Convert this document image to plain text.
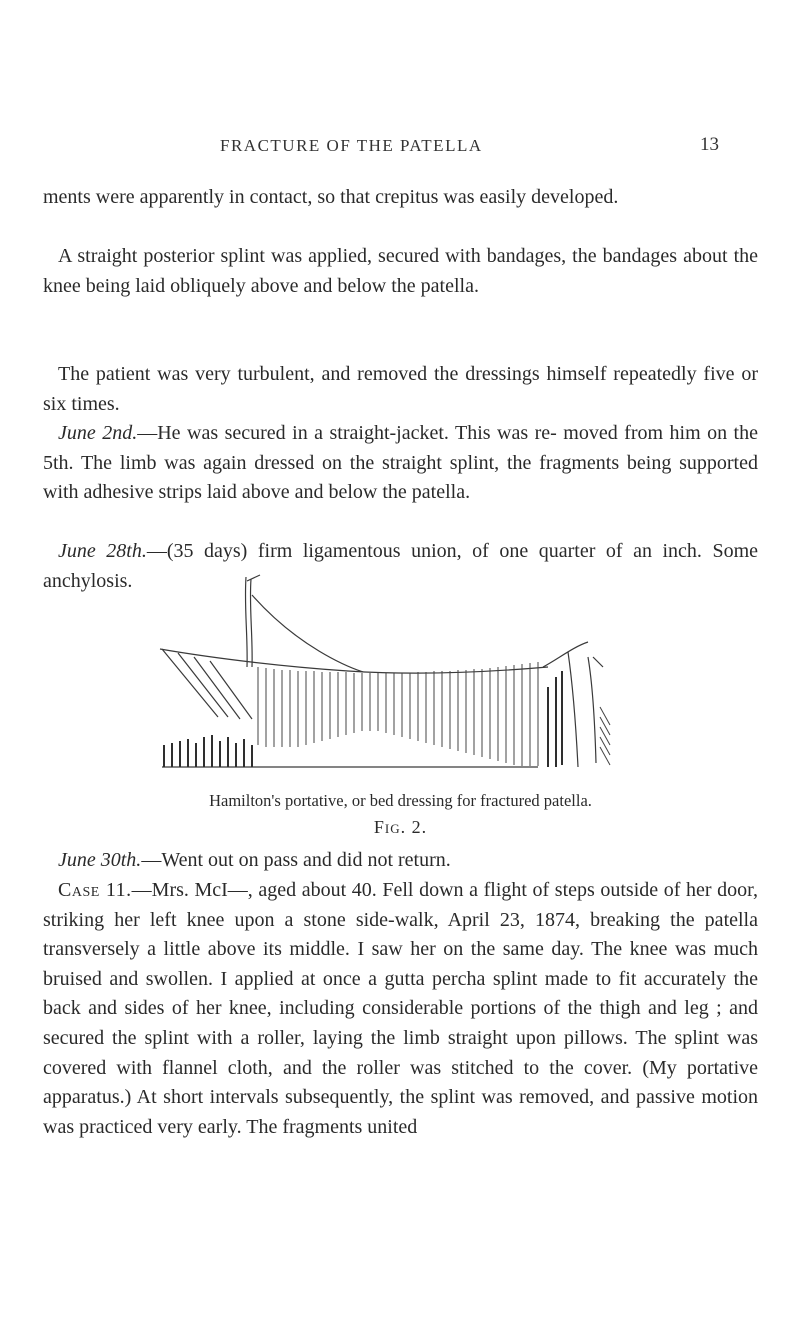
FRACTURE OF THE PATELLA	13

ments were apparently in contact, so that crepitus was easily developed.

A straight posterior splint was applied, secured with bandages, the bandages about the knee being laid obliquely above and below the patella.

The patient was very turbulent, and removed the dressings himself repeatedly five or six times.

June 2nd.—He was secured in a straight-jacket. This was re- moved from him on the 5th. The limb was again dressed on the straight splint, the fragments being supported with adhesive strips laid above and below the patella.

June 28th.—(35 days) firm ligamentous union, of one quarter of an inch. Some anchylosis.

Hamilton's portative, or bed dressing for fractured patella.
Fig. 2.

June 30th.—Went out on pass and did not return.

Case 11.—Mrs. McI—, aged about 40. Fell down a flight of steps outside of her door, striking her left knee upon a stone side-walk, April 23, 1874, breaking the patella transversely a little above its middle. I saw her on the same day. The knee was much bruised and swollen. I applied at once a gutta percha splint made to fit accurately the back and sides of her knee, including considerable portions of the thigh and leg ; and secured the splint with a roller, laying the limb straight upon pillows. The splint was covered with flannel cloth, and the roller was stitched to the cover. (My portative apparatus.) At short intervals subsequently, the splint was removed, and passive motion was practiced very early. The fragments united
